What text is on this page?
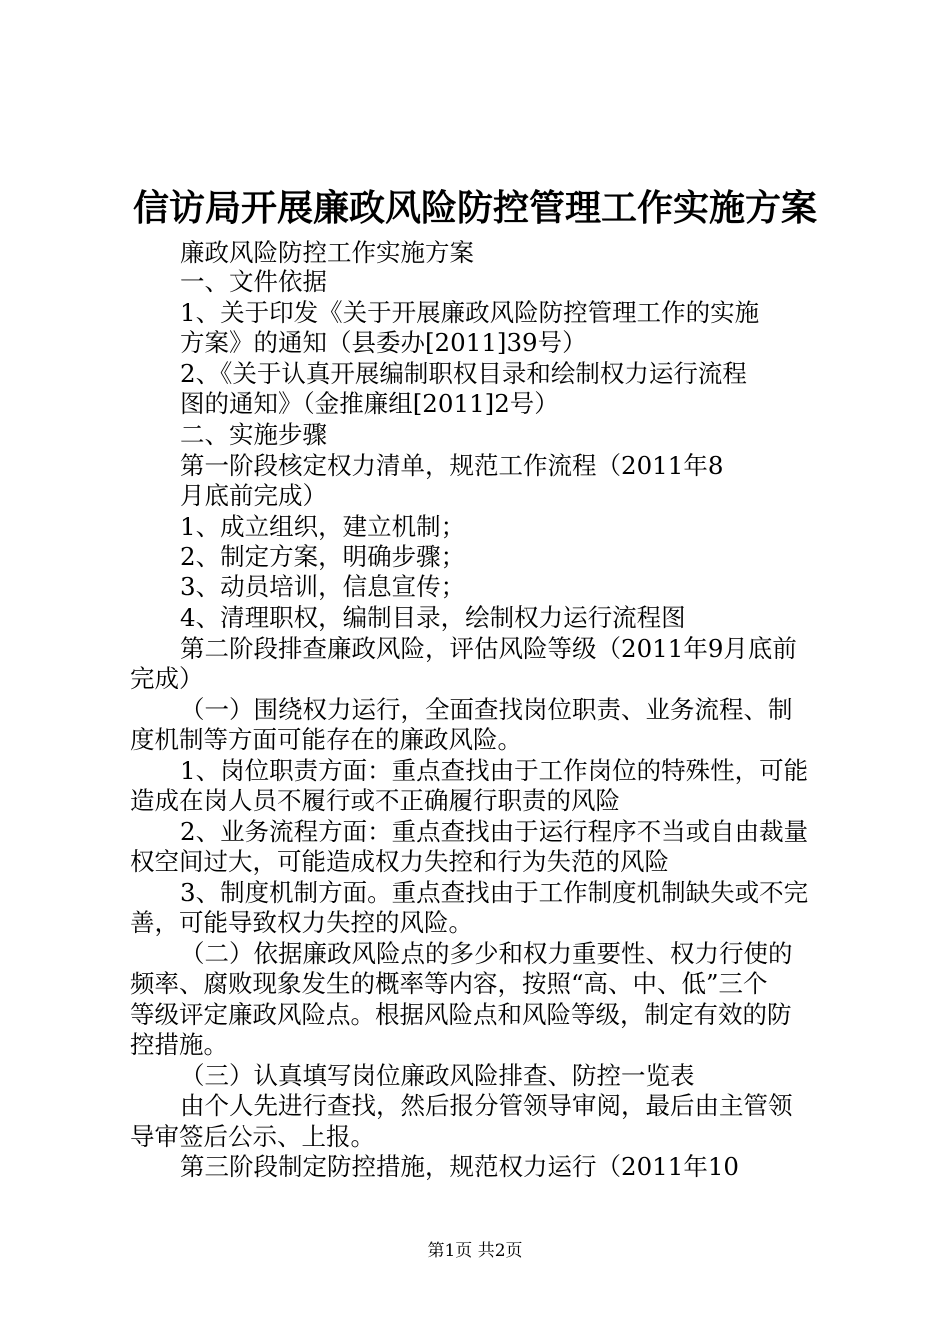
信访局开展廉政风险防控管理工作实施方案
廉政风险防控工作实施方案
一、文件依据
1、关于印发《关于开展廉政风险防控管理工作的实施
方案》的通知（县委办[2011]39号）
2、《关于认真开展编制职权目录和绘制权力运行流程
图的通知》（金推廉组[2011]2号）
二、实施步骤
第一阶段核定权力清单，规范工作流程（2011年8
月底前完成）
1、成立组织，建立机制；
2、制定方案，明确步骤；
3、动员培训，信息宣传；
4、清理职权，编制目录，绘制权力运行流程图
第二阶段排查廉政风险，评估风险等级（2011年9月底前
完成）
（一）围绕权力运行，全面查找岗位职责、业务流程、制
度机制等方面可能存在的廉政风险。
1、岗位职责方面：重点查找由于工作岗位的特殊性，可能
造成在岗人员不履行或不正确履行职责的风险
2、业务流程方面：重点查找由于运行程序不当或自由裁量
权空间过大，可能造成权力失控和行为失范的风险
3、制度机制方面。重点查找由于工作制度机制缺失或不完
善，可能导致权力失控的风险。
（二）依据廉政风险点的多少和权力重要性、权力行使的
频率、腐败现象发生的概率等内容，按照“高、中、低”三个
等级评定廉政风险点。根据风险点和风险等级，制定有效的防
控措施。
（三）认真填写岗位廉政风险排查、防控一览表
由个人先进行查找，然后报分管领导审阅，最后由主管领
导审签后公示、上报。
第三阶段制定防控措施，规范权力运行（2011年10
第1页 共2页
